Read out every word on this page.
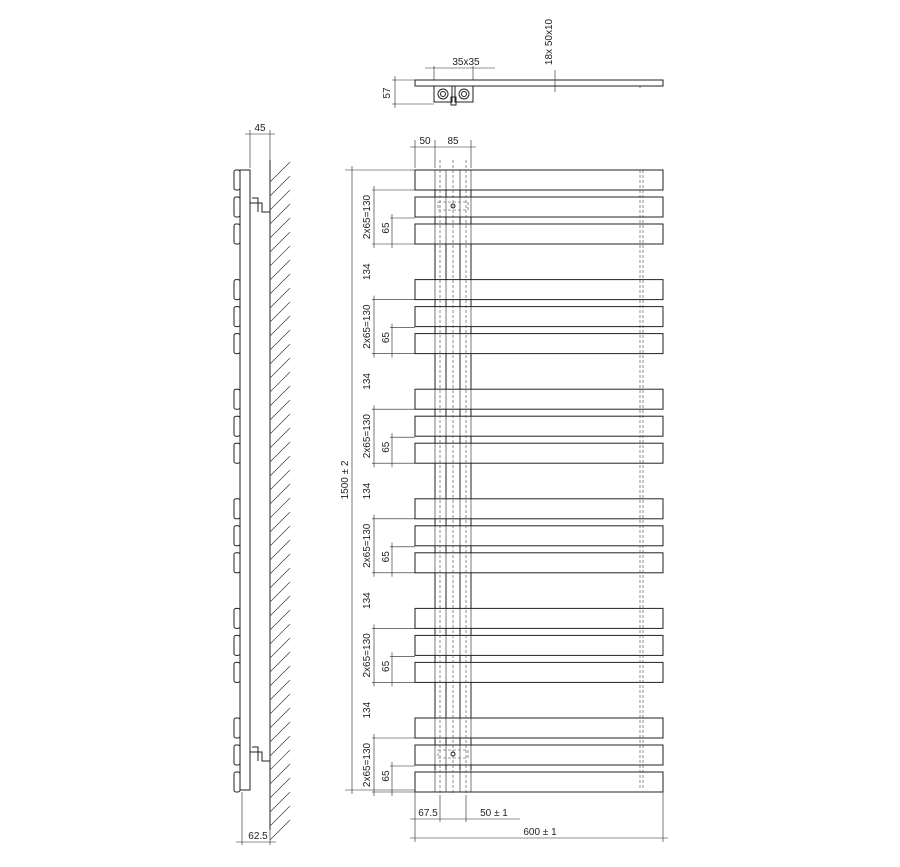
35x35
57
18x 50x10
45
62.5
50 85
1500 ± 2
2x65=130 65
134
2x65=130 65
134
2x65=130 65
134
2x65=130 65
134
2x65=130 65
134
2x65=130 65
67.5	50 ± 1
600 ± 1
